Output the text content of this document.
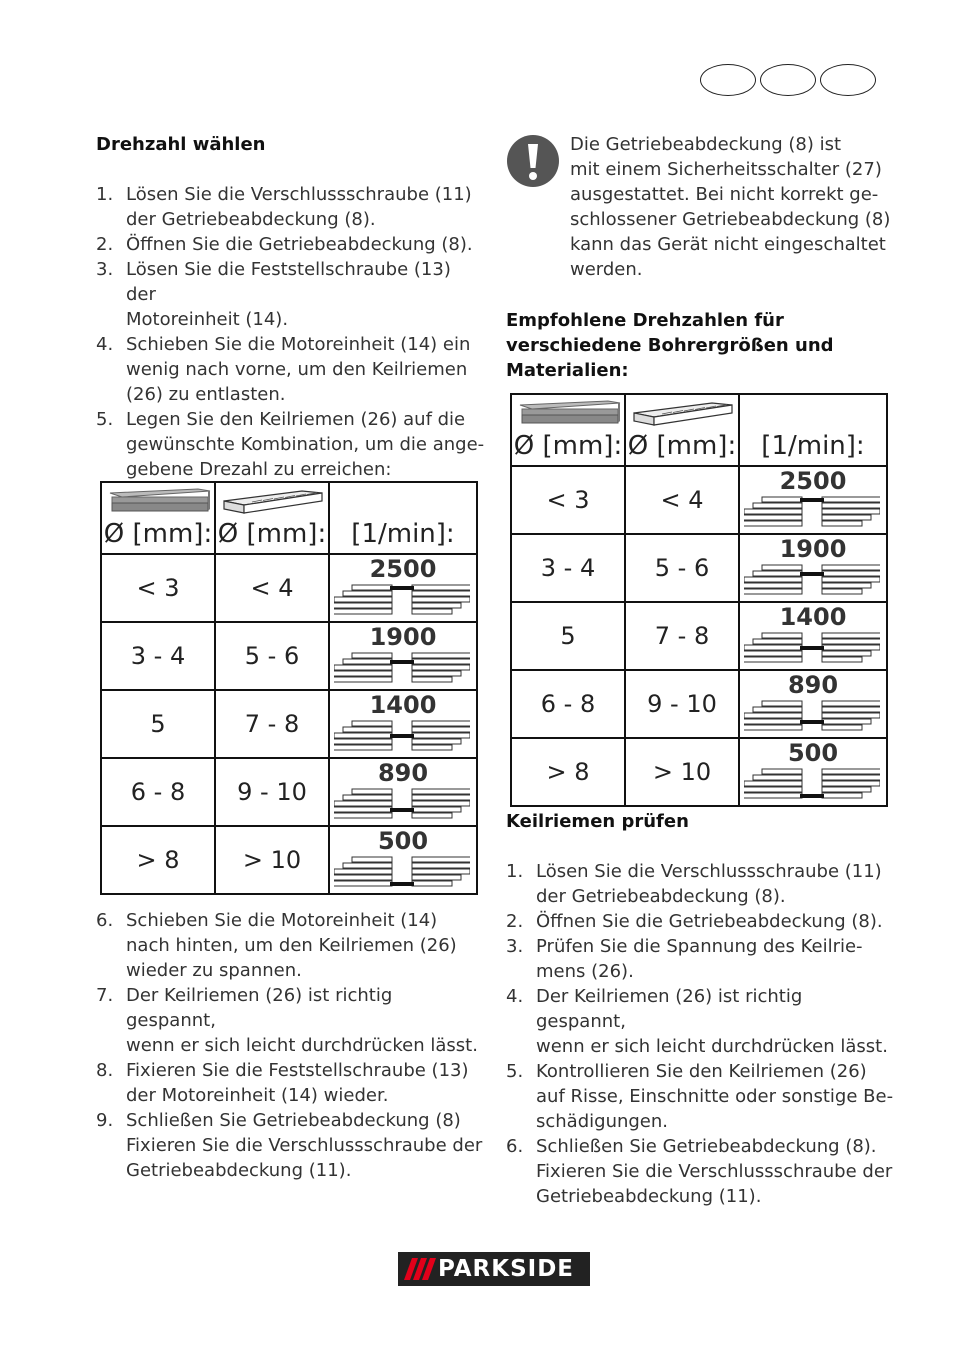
Drehzahl wählen

1. Lösen Sie die Verschlussschraube (11)
der Getriebeabdeckung (8).
2. Öffnen Sie die Getriebeabdeckung (8).
3. Lösen Sie die Feststellschraube (13) der
Motoreinheit (14).
4. Schieben Sie die Motoreinheit (14) ein
wenig nach vorne, um den Keilriemen
(26) zu entlasten.
5. Legen Sie den Keilriemen (26) auf die
gewünschte Kombination, um die ange-
gebene Drezahl zu erreichen:
6. Schieben Sie die Motoreinheit (14)
nach hinten, um den Keilriemen (26)
wieder zu spannen.
7. Der Keilriemen (26) ist richtig gespannt,
wenn er sich leicht durchdrücken lässt.
8. Fixieren Sie die Feststellschraube (13)
der Motoreinheit (14) wieder.
9. Schließen Sie Getriebeabdeckung (8)
Fixieren Sie die Verschlussschraube der
Getriebeabdeckung (11).
Die Getriebeabdeckung (8) ist
mit einem Sicherheitsschalter (27)
ausgestattet. Bei nicht korrekt ge-
schlossener Getriebeabdeckung (8)
kann das Gerät nicht eingeschaltet
werden.
Empfohlene Drehzahlen für
verschiedene Bohrergrößen und
Materialien:
Ø [mm]:	Ø [mm]:	[1/min]:

< 3	< 4	2500

3 - 4	5 - 6	1900

5	7 - 8	1400

6 - 8	9 - 10	890

> 8	> 10	500
Ø [mm]:	Ø [mm]:	[1/min]:

< 3	< 4	2500

3 - 4	5 - 6	1900

5	7 - 8	1400

6 - 8	9 - 10	890

> 8	> 10	500

Keilriemen prüfen

1. Lösen Sie die Verschlussschraube (11)
der Getriebeabdeckung (8).
2. Öffnen Sie die Getriebeabdeckung (8).
3. Prüfen Sie die Spannung des Keilrie-
mens (26).
4. Der Keilriemen (26) ist richtig gespannt,
wenn er sich leicht durchdrücken lässt.
5. Kontrollieren Sie den Keilriemen (26)
auf Risse, Einschnitte oder sonstige Be-
schädigungen.
6. Schließen Sie Getriebeabdeckung (8).
Fixieren Sie die Verschlussschraube der
Getriebeabdeckung (11).
PARKSIDE
